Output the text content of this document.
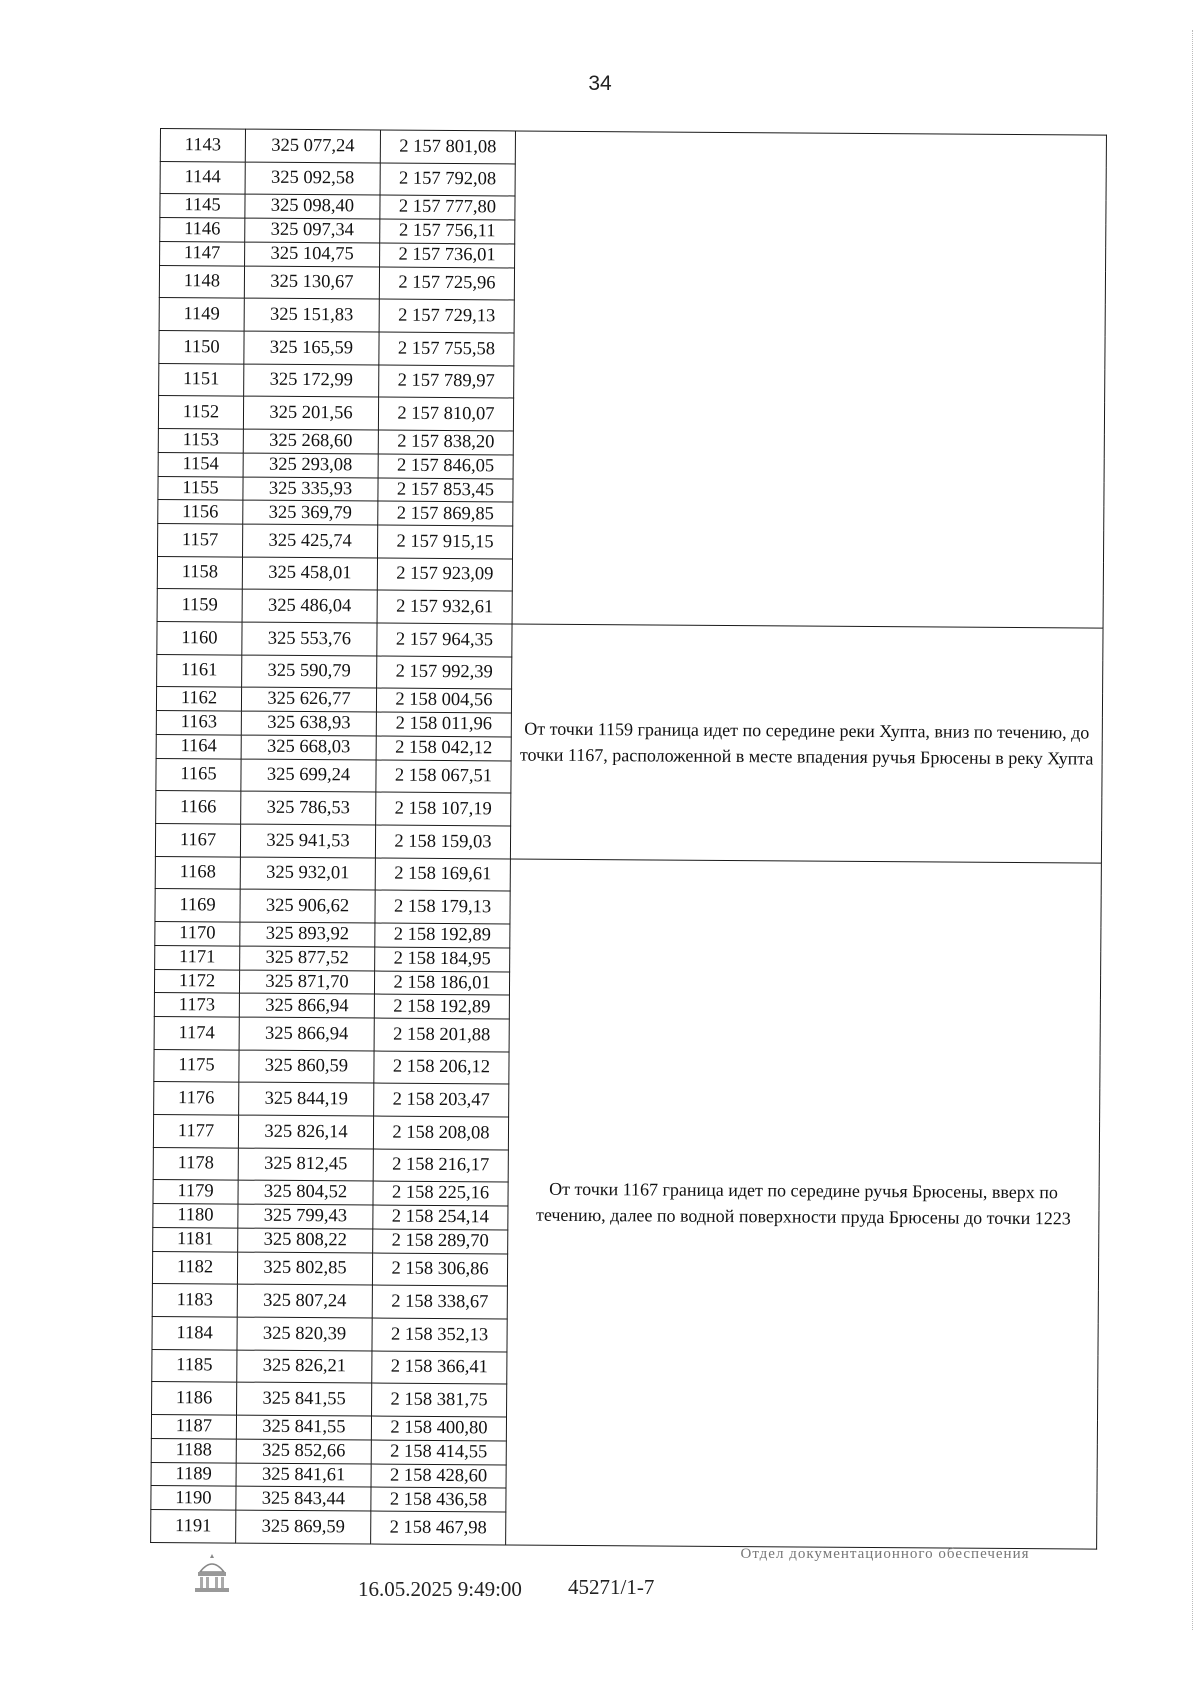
34
1143	325 077,24	2 157 801,08	
1144	325 092,58	2 157 792,08	
1145	325 098,40	2 157 777,80	
1146	325 097,34	2 157 756,11	
1147	325 104,75	2 157 736,01	
1148	325 130,67	2 157 725,96	
1149	325 151,83	2 157 729,13	
1150	325 165,59	2 157 755,58	
1151	325 172,99	2 157 789,97	
1152	325 201,56	2 157 810,07	
1153	325 268,60	2 157 838,20	
1154	325 293,08	2 157 846,05	
1155	325 335,93	2 157 853,45	
1156	325 369,79	2 157 869,85	
1157	325 425,74	2 157 915,15	
1158	325 458,01	2 157 923,09	
1159	325 486,04	2 157 932,61	
1160	325 553,76	2 157 964,35	От точки 1159 граница идет по середине реки Хупта, вниз по течению, до точки 1167, расположенной в месте впадения ручья Брюсены в реку Хупта
1161	325 590,79	2 157 992,39	
1162	325 626,77	2 158 004,56	
1163	325 638,93	2 158 011,96	
1164	325 668,03	2 158 042,12	
1165	325 699,24	2 158 067,51	
1166	325 786,53	2 158 107,19	
1167	325 941,53	2 158 159,03	
1168	325 932,01	2 158 169,61	От точки 1167 граница идет по середине ручья Брюсены, вверх по течению, далее по водной поверхности пруда Брюсены до точки 1223
1169	325 906,62	2 158 179,13	
1170	325 893,92	2 158 192,89	
1171	325 877,52	2 158 184,95	
1172	325 871,70	2 158 186,01	
1173	325 866,94	2 158 192,89	
1174	325 866,94	2 158 201,88	
1175	325 860,59	2 158 206,12	
1176	325 844,19	2 158 203,47	
1177	325 826,14	2 158 208,08	
1178	325 812,45	2 158 216,17	
1179	325 804,52	2 158 225,16	
1180	325 799,43	2 158 254,14	
1181	325 808,22	2 158 289,70	
1182	325 802,85	2 158 306,86	
1183	325 807,24	2 158 338,67	
1184	325 820,39	2 158 352,13	
1185	325 826,21	2 158 366,41	
1186	325 841,55	2 158 381,75	
1187	325 841,55	2 158 400,80	
1188	325 852,66	2 158 414,55	
1189	325 841,61	2 158 428,60	
1190	325 843,44	2 158 436,58	
1191	325 869,59	2 158 467,98	
16.05.2025 9:49:00 45271/1-7
Отдел документационного обеспечения
